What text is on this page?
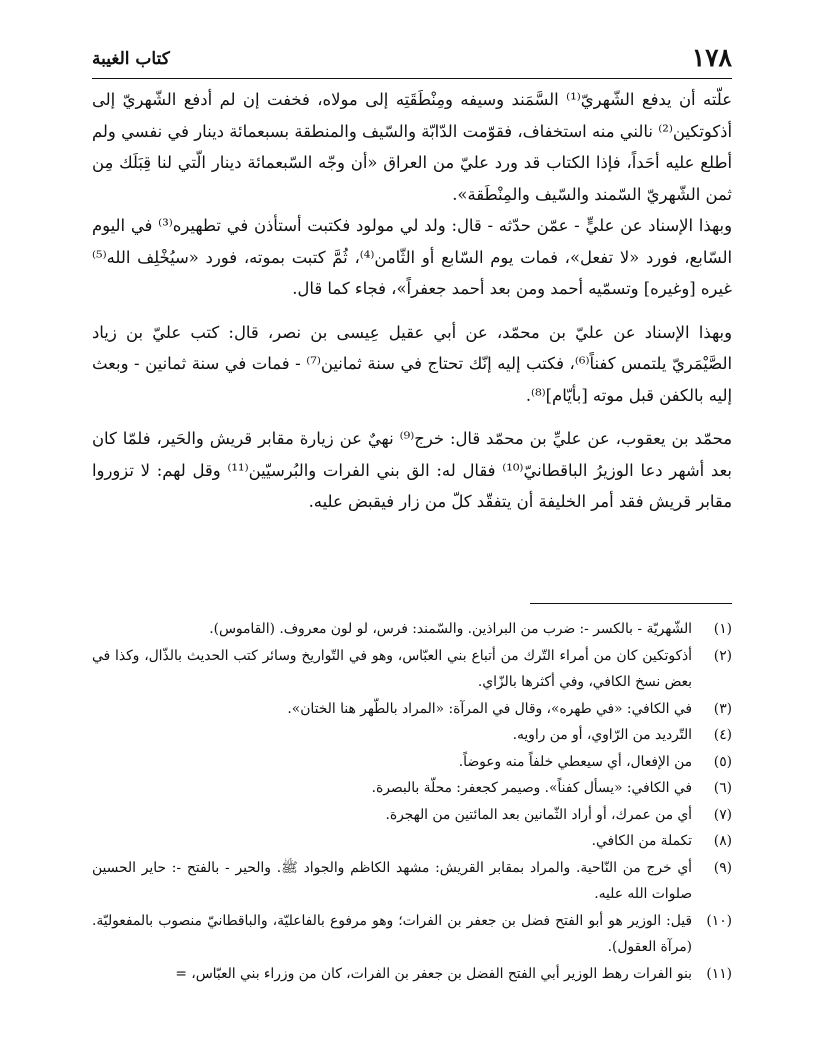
١٧٨
كتاب الغيبة

علّته أن يدفع الشّهريّ⁽¹⁾ السَّمَند وسيفه ومِنْطَقَتِه إلى مولاه، فخفت إن لم أدفع الشّهريّ إلى أذكوتكين⁽²⁾ نالني منه استخفاف، فقوّمت الدّابّة والسّيف والمنطقة بسبعمائة دينار في نفسي ولم أطلع عليه أحَداً، فإذا الكتاب قد ورد عليّ من العراق «أن وجّه السّبعمائة دينار الّتي لنا قِبَلَك مِن ثمن الشّهريّ السّمند والسّيف والمِنْطَقة».

وبهذا الإسناد عن عليٍّ - عمّن حدّثه - قال: ولد لي مولود فكتبت أستأذن في تطهيره⁽³⁾ في اليوم السّابع، فورد «لا تفعل»، فمات يوم السّابع أو الثّامن⁽⁴⁾، ثُمَّ كتبت بموته، فورد «سيُخْلِف الله⁽⁵⁾ غيره [وغيره] وتسمّيه أحمد ومن بعد أحمد جعفراً»، فجاء كما قال.

وبهذا الإسناد عن عليّ بن محمّد، عن أبي عقيل عِيسى بن نصر، قال: كتب عليّ بن زياد الصَّيْمَريّ يلتمس كفناً⁽⁶⁾، فكتب إليه إنّك تحتاج في سنة ثمانين⁽⁷⁾ - فمات في سنة ثمانين - وبعث إليه بالكفن قبل موته [بأيّام]⁽⁸⁾.

محمّد بن يعقوب، عن عليِّ بن محمّد قال: خرج⁽⁹⁾ نهيٌ عن زيارة مقابر قريش والحَير، فلمّا كان بعد أشهر دعا الوزيرُ الباقطانيّ⁽¹⁰⁾ فقال له: الق بني الفرات والبُرسيّين⁽¹¹⁾ وقل لهم: لا تزوروا مقابر قريش فقد أمر الخليفة أن يتفقّد كلّ من زار فيقبض عليه.

(١)
الشّهريّة - بالكسر -: ضرب من البراذين. والسّمند: فرس، لو لون معروف. (القاموس).
(٢)
أذكوتكين كان من أمراء التّرك من أتباع بني العبّاس، وهو في التّواريخ وسائر كتب الحديث بالذّال، وكذا في بعض نسخ الكافي، وفي أكثرها بالزّاي.
(٣)
في الكافي: «في طهره»، وقال في المرآة: «المراد بالطّهر هنا الختان».
(٤)
التّرديد من الرّاوي، أو من راويه.
(٥)
من الإفعال، أي سيعطي خلفاً منه وعوضاً.
(٦)
في الكافي: «يسأل كفناً». وصيمر كجعفر: محلّة بالبصرة.
(٧)
أي من عمرك، أو أراد الثّمانين بعد المائتين من الهجرة.
(٨)
تكملة من الكافي.
(٩)
أي خرج من النّاحية. والمراد بمقابر القريش: مشهد الكاظم والجواد ﷺ. والحير - بالفتح -: حاير الحسين صلوات الله عليه.
(١٠)
قيل: الوزير هو أبو الفتح فضل بن جعفر بن الفرات؛ وهو مرفوع بالفاعليّة، والباقطانيّ منصوب بالمفعوليّة. (مرآة العقول).
(١١)
بنو الفرات رهط الوزير أبي الفتح الفضل بن جعفر بن الفرات، كان من وزراء بني العبّاس، =
